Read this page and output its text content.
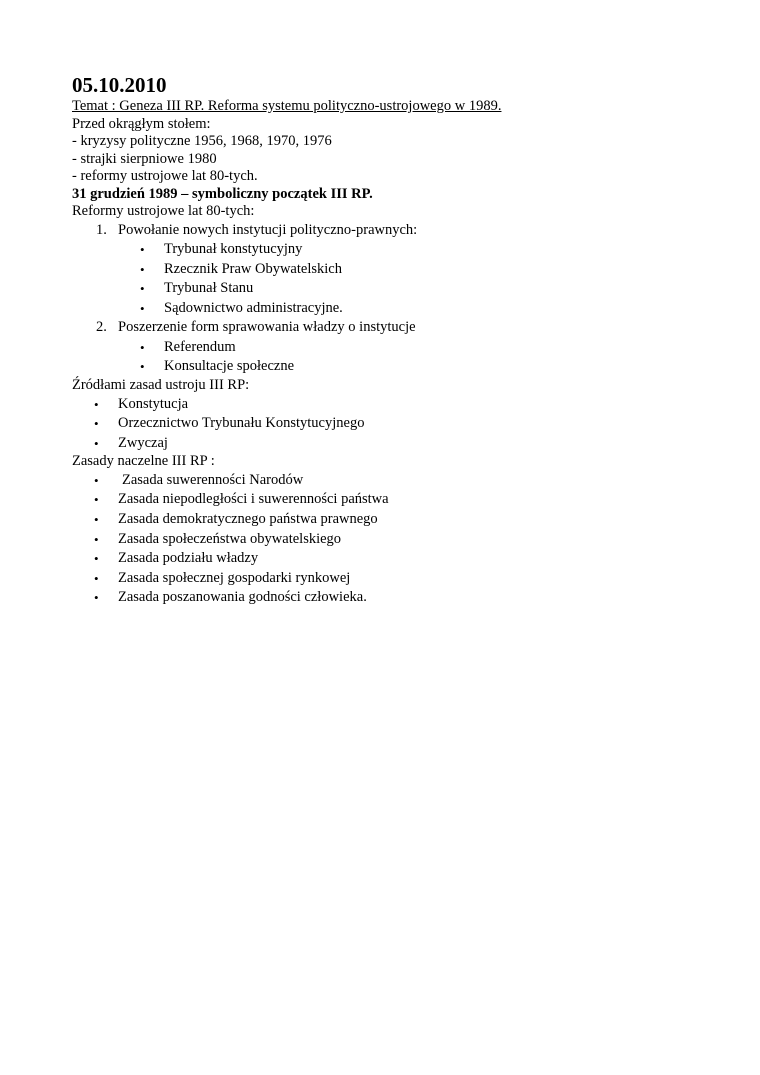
05.10.2010

Temat : Geneza III RP. Reforma systemu polityczno-ustrojowego w 1989.

Przed okrągłym stołem:

- kryzysy polityczne 1956, 1968, 1970, 1976

- strajki sierpniowe 1980

- reformy ustrojowe lat 80-tych.

31 grudzień 1989 – symboliczny początek III RP.

Reformy ustrojowe lat 80-tych:

1. Powołanie nowych instytucji polityczno-prawnych:
• Trybunał konstytucyjny
• Rzecznik Praw Obywatelskich
• Trybunał Stanu
• Sądownictwo administracyjne.
2. Poszerzenie form sprawowania władzy o instytucje
• Referendum
• Konsultacje społeczne

Źródłami zasad ustroju III RP:

• Konstytucja
• Orzecznictwo Trybunału Konstytucyjnego
• Zwyczaj

Zasady naczelne III RP :

• Zasada suwerenności Narodów
• Zasada niepodległości i suwerenności państwa
• Zasada demokratycznego państwa prawnego
• Zasada społeczeństwa obywatelskiego
• Zasada podziału władzy
• Zasada społecznej gospodarki rynkowej
• Zasada poszanowania godności człowieka.
